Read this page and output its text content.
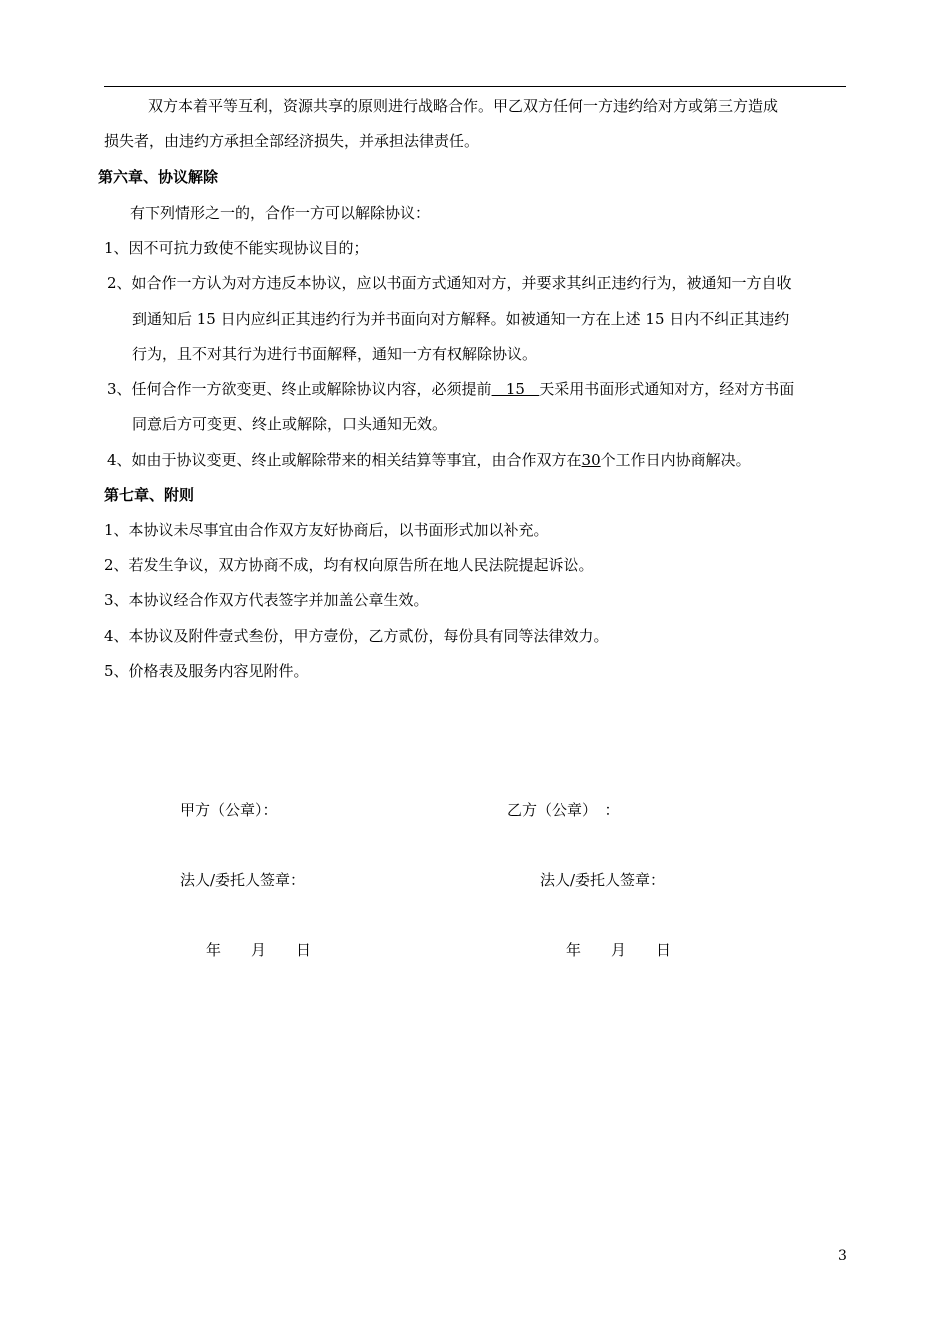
双方本着平等互利，资源共享的原则进行战略合作。甲乙双方任何一方违约给对方或第三方造成
损失者，由违约方承担全部经济损失，并承担法律责任。
第六章、协议解除
有下列情形之一的，合作一方可以解除协议：
1、因不可抗力致使不能实现协议目的；
2、如合作一方认为对方违反本协议，应以书面方式通知对方，并要求其纠正违约行为，被通知一方自收
到通知后 15 日内应纠正其违约行为并书面向对方解释。如被通知一方在上述 15 日内不纠正其违约
行为，且不对其行为进行书面解释，通知一方有权解除协议。
3、任何合作一方欲变更、终止或解除协议内容，必须提前   15   天采用书面形式通知对方，经对方书面
同意后方可变更、终止或解除，口头通知无效。
4、如由于协议变更、终止或解除带来的相关结算等事宜，由合作双方在30个工作日内协商解决。
第七章、附则
1、本协议未尽事宜由合作双方友好协商后，以书面形式加以补充。
2、若发生争议，双方协商不成，均有权向原告所在地人民法院提起诉讼。
3、本协议经合作双方代表签字并加盖公章生效。
4、本协议及附件壹式叁份，甲方壹份，乙方贰份，每份具有同等法律效力。
5、价格表及服务内容见附件。
甲方（公章）：	乙方（公章）　：
法人/委托人签章：	法人/委托人签章：
年　　月　　日	年　　月　　日
3
